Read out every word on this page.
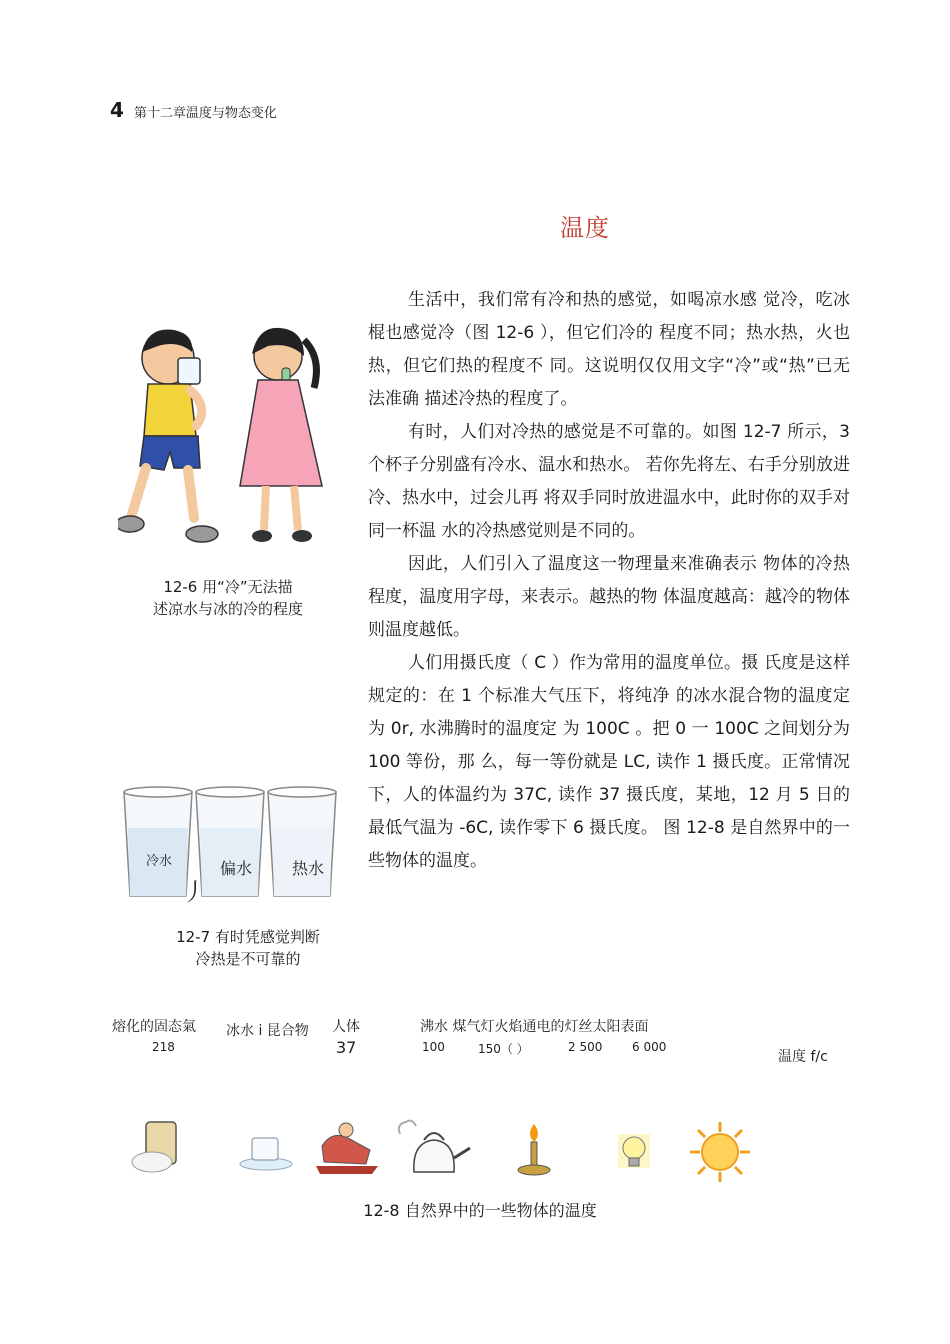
4 第十二章温度与物态变化
温度

生活中，我们常有冷和热的感觉，如喝凉水感 觉冷，吃冰棍也感觉冷（图 12-6 ），但它们冷的 程度不同；热水热，火也热，但它们热的程度不 同。这说明仅仅用文字“冷”或“热”已无法准确 描述冷热的程度了。

有时，人们对冷热的感觉是不可靠的。如图 12-7 所示，3 个杯子分别盛有冷水、温水和热水。 若你先将左、右手分别放进冷、热水中，过会儿再 将双手同时放进温水中，此时你的双手对同一杯温 水的冷热感觉则是不同的。

因此，人们引入了温度这一物理量来准确表示 物体的冷热程度，温度用字母，来表示。越热的物 体温度越高：越冷的物体则温度越低。

人们用摄氏度（ C ）作为常用的温度单位。摄 氏度是这样规定的：在 1 个标准大气压下，将纯净 的冰水混合物的温度定为 0r, 水沸腾时的温度定 为 100C 。把 0 一 100C 之间划分为 100 等份，那 么，每一等份就是 LC, 读作 1 摄氏度。正常情况 下，人的体温约为 37C, 读作 37 摄氏度，某地，12 月 5 日的最低气温为 -6C, 读作零下 6 摄氏度。 图 12-8 是自然界中的一些物体的温度。

12-6 用“冷”无法描
述凉水与冰的冷的程度
冷水	偏水 热水
丿
12-7 有时凭感觉判断
冷热是不可靠的
熔化的固态氣 冰水 i 昆合物 人体	沸水 煤气灯火焰通电的灯丝太阳表面
温度 f/c
218	37	100	150（ ）	2 500 6 000
12-8 自然界中的一些物体的温度
